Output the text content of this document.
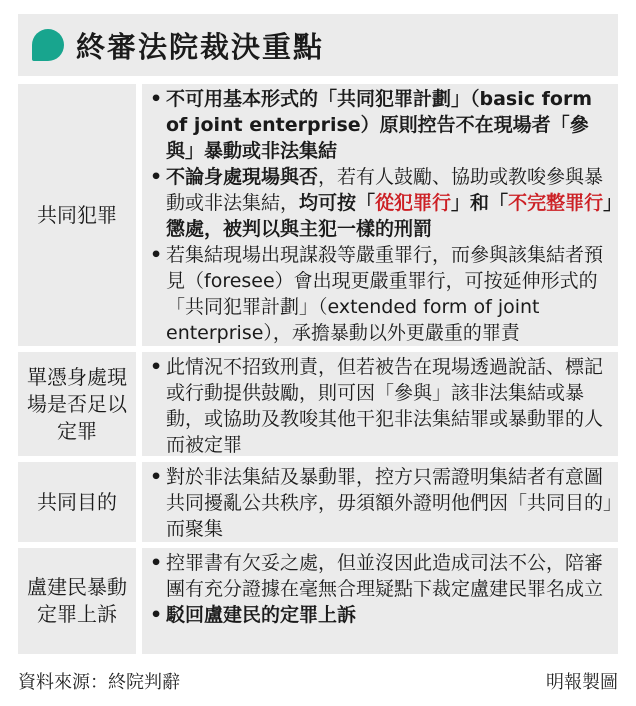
終審法院裁決重點
共同犯罪
• 不可用基本形式的「共同犯罪計劃」（basic form of joint enterprise）原則控告不在現場者「參與」暴動或非法集結
• 不論身處現場與否，若有人鼓勵、協助或教唆參與暴動或非法集結，均可按「從犯罪行」和「不完整罪行」懲處，被判以與主犯一樣的刑罰
• 若集結現場出現謀殺等嚴重罪行，而參與該集結者預見（foresee）會出現更嚴重罪行，可按延伸形式的「共同犯罪計劃」（extended form of joint enterprise），承擔暴動以外更嚴重的罪責
單憑身處現場是否足以定罪
• 此情況不招致刑責，但若被告在現場透過說話、標記或行動提供鼓勵，則可因「參與」該非法集結或暴動，或協助及教唆其他干犯非法集結罪或暴動罪的人而被定罪
共同目的
• 對於非法集結及暴動罪，控方只需證明集結者有意圖共同擾亂公共秩序，毋須額外證明他們因「共同目的」而聚集
盧建民暴動定罪上訴
• 控罪書有欠妥之處，但並沒因此造成司法不公，陪審團有充分證據在毫無合理疑點下裁定盧建民罪名成立
• 駁回盧建民的定罪上訴
資料來源：終院判辭	明報製圖
